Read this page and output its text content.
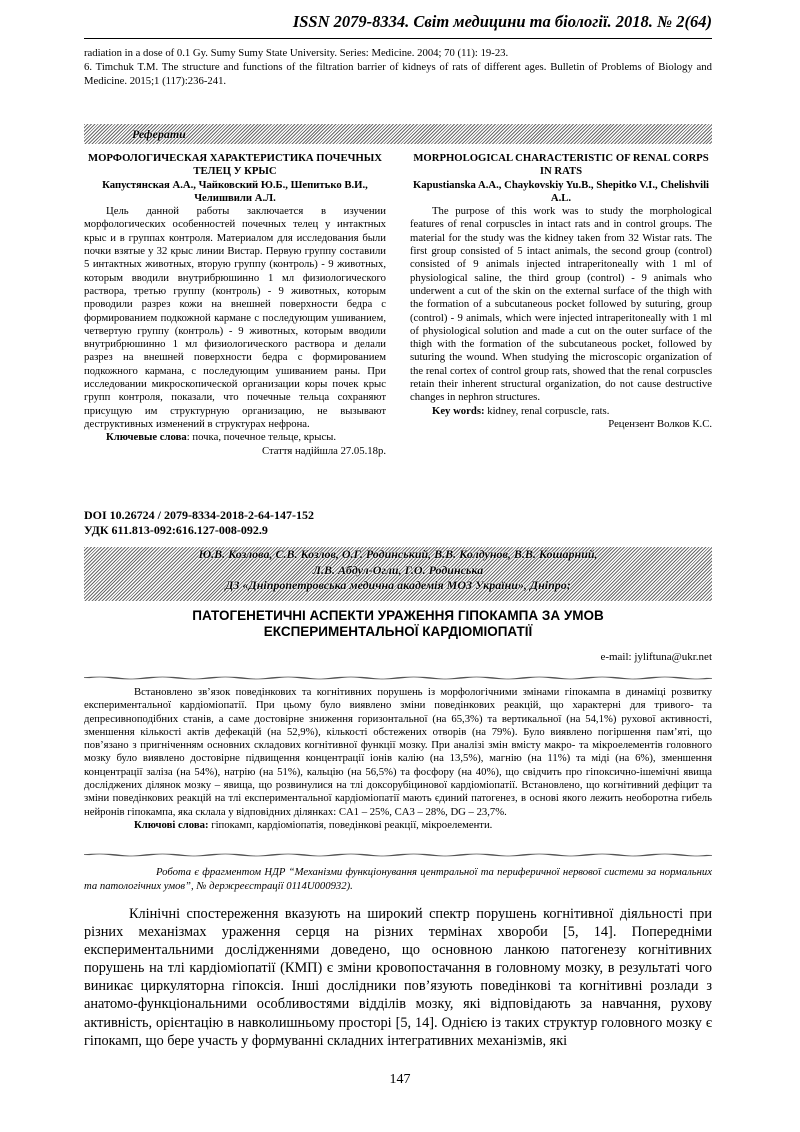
ISSN 2079-8334. Світ медицини та біології. 2018. № 2(64)

radiation in a dose of 0.1 Gy. Sumy Sumy State University. Series: Medicine. 2004; 70 (11): 19-23.

6. Timchuk T.M. The structure and functions of the filtration barrier of kidneys of rats of different ages. Bulletin of Problems of Biology and Medicine. 2015;1 (117):236-241.

Реферати

МОРФОЛОГИЧЕСКАЯ ХАРАКТЕРИСТИКА ПОЧЕЧНЫХ ТЕЛЕЦ У КРЫС

Капустянская А.А., Чайковский Ю.Б., Шепитько В.И., Челишвили А.Л.

Цель данной работы заключается в изучении морфологических особенностей почечных телец у интактных крыс и в группах контроля. Материалом для исследования были почки взятые у 32 крыс линии Вистар. Первую группу составили 5 интактных животных, вторую группу (контроль) - 9 животных, которым вводили внутрибрюшинно 1 мл физиологического раствора, третью группу (контроль) - 9 животных, которым проводили разрез кожи на внешней поверхности бедра с формированием подкожной кармане с последующим ушиванием, четвертую группу (контроль) - 9 животных, которым вводили внутрибрюшинно 1 мл физиологического раствора и делали разрез на внешней поверхности бедра с формированием подкожного кармана, с последующим ушиванием раны. При исследовании микроскопической организации коры почек крыс групп контроля, показали, что почечные тельца сохраняют присущую им структурную организацию, не вызывают деструктивных изменений в структурах нефрона.

Ключевые слова: почка, почечное тельце, крысы.

Стаття надійшла 27.05.18р.

MORPHOLOGICAL CHARACTERISTIC OF RENAL CORPS IN RATS

Kapustianska A.A., Chaykovskiy Yu.B., Shepitko V.I., Chelishvili A.L.

The purpose of this work was to study the morphological features of renal corpuscles in intact rats and in control groups. The material for the study was the kidney taken from 32 Wistar rats. The first group consisted of 5 intact animals, the second group (control) consisted of 9 animals injected intraperitoneally with 1 ml of physiological saline, the third group (control) - 9 animals who underwent a cut of the skin on the external surface of the thigh with the formation of a subcutaneous pocket followed by suturing, group (control) - 9 animals, which were injected intraperitoneally with 1 ml of physiological solution and made a cut on the outer surface of the thigh with the formation of the subcutaneous pocket, followed by suturing the wound. When studying the microscopic organization of the renal cortex of control group rats, showed that the renal corpuscles retain their inherent structural organization, do not cause destructive changes in nephron structures.

Key words: kidney, renal corpuscle, rats.

Рецензент Волков К.С.

DOI 10.26724 / 2079-8334-2018-2-64-147-152
УДК 611.813-092:616.127-008-092.9
Ю.В. Козлова, С.В. Козлов, О.Г. Родинський, В.В. Колдунов, В.В. Кошарний,
Л.В. Абдул-Огли, Г.О. Родинська
ДЗ «Дніпропетровська медична академія МОЗ України», Дніпро;
ПАТОГЕНЕТИЧНІ АСПЕКТИ УРАЖЕННЯ ГІПОКАМПА ЗА УМОВ
ЕКСПЕРИМЕНТАЛЬНОЇ КАРДІОМІОПАТІЇ
e-mail: jyliftuna@ukr.net

Встановлено зв’язок поведінкових та когнітивних порушень із морфологічними змінами гіпокампа в динаміці розвитку експериментальної кардіоміопатії. При цьому було виявлено зміни поведінкових реакцій, що характерні для тривого- та депресивноподібних станів, а саме достовірне зниження горизонтальної (на 65,3%) та вертикальної (на 54,1%) рухової активності, зменшення кількості актів дефекацій (на 52,9%), кількості обстежених отворів (на 79%). Було виявлено погіршення пам’яті, що пов’язано з пригніченням основних складових когнітивної функції мозку. При аналізі змін вмісту макро- та мікроелементів головного мозку було виявлено достовірне підвищення концентрації іонів калію (на 13,5%), магнію (на 11%) та міді (на 6%), зменшення концентрації заліза (на 54%), натрію (на 51%), кальцію (на 56,5%) та фосфору (на 40%), що свідчить про гіпоксично-ішемічні явища досліджених ділянок мозку – явища, що розвинулися на тлі доксорубіцинової кардіоміопатії. Встановлено, що когнітивний дефіцит та зміни поведінкових реакцій на тлі експериментальної кардіоміопатії мають єдиний патогенез, в основі якого лежить необоротна гибель нейронів гіпокампа, яка склала у відповідних ділянках: CA1 – 25%, CA3 – 28%, DG – 23,7%.

Ключові слова: гіпокамп, кардіоміопатія, поведінкові реакції, мікроелементи.

Робота є фрагментом НДР “Механізми функціонування центральної та периферичної нервової системи за нормальних та патологічних умов”, № держреєстрації 0114U000932).
Клінічні спостереження вказують на широкий спектр порушень когнітивної діяльності при різних механізмах ураження серця на різних термінах хвороби [5, 14]. Попередніми експериментальними дослідженнями доведено, що основною ланкою патогенезу когнітивних порушень на тлі кардіоміопатії (КМП) є зміни кровопостачання в головному мозку, в результаті чого виникає циркуляторна гіпоксія. Інші дослідники пов’язують поведінкові та когнітивні розлади з анатомо-функціональними особливостями відділів мозку, які відповідають за навчання, рухову активність, орієнтацію в навколишньому просторі [5, 14]. Однією із таких структур головного мозку є гіпокамп, що бере участь у формуванні складних інтегративних механізмів, які
147
